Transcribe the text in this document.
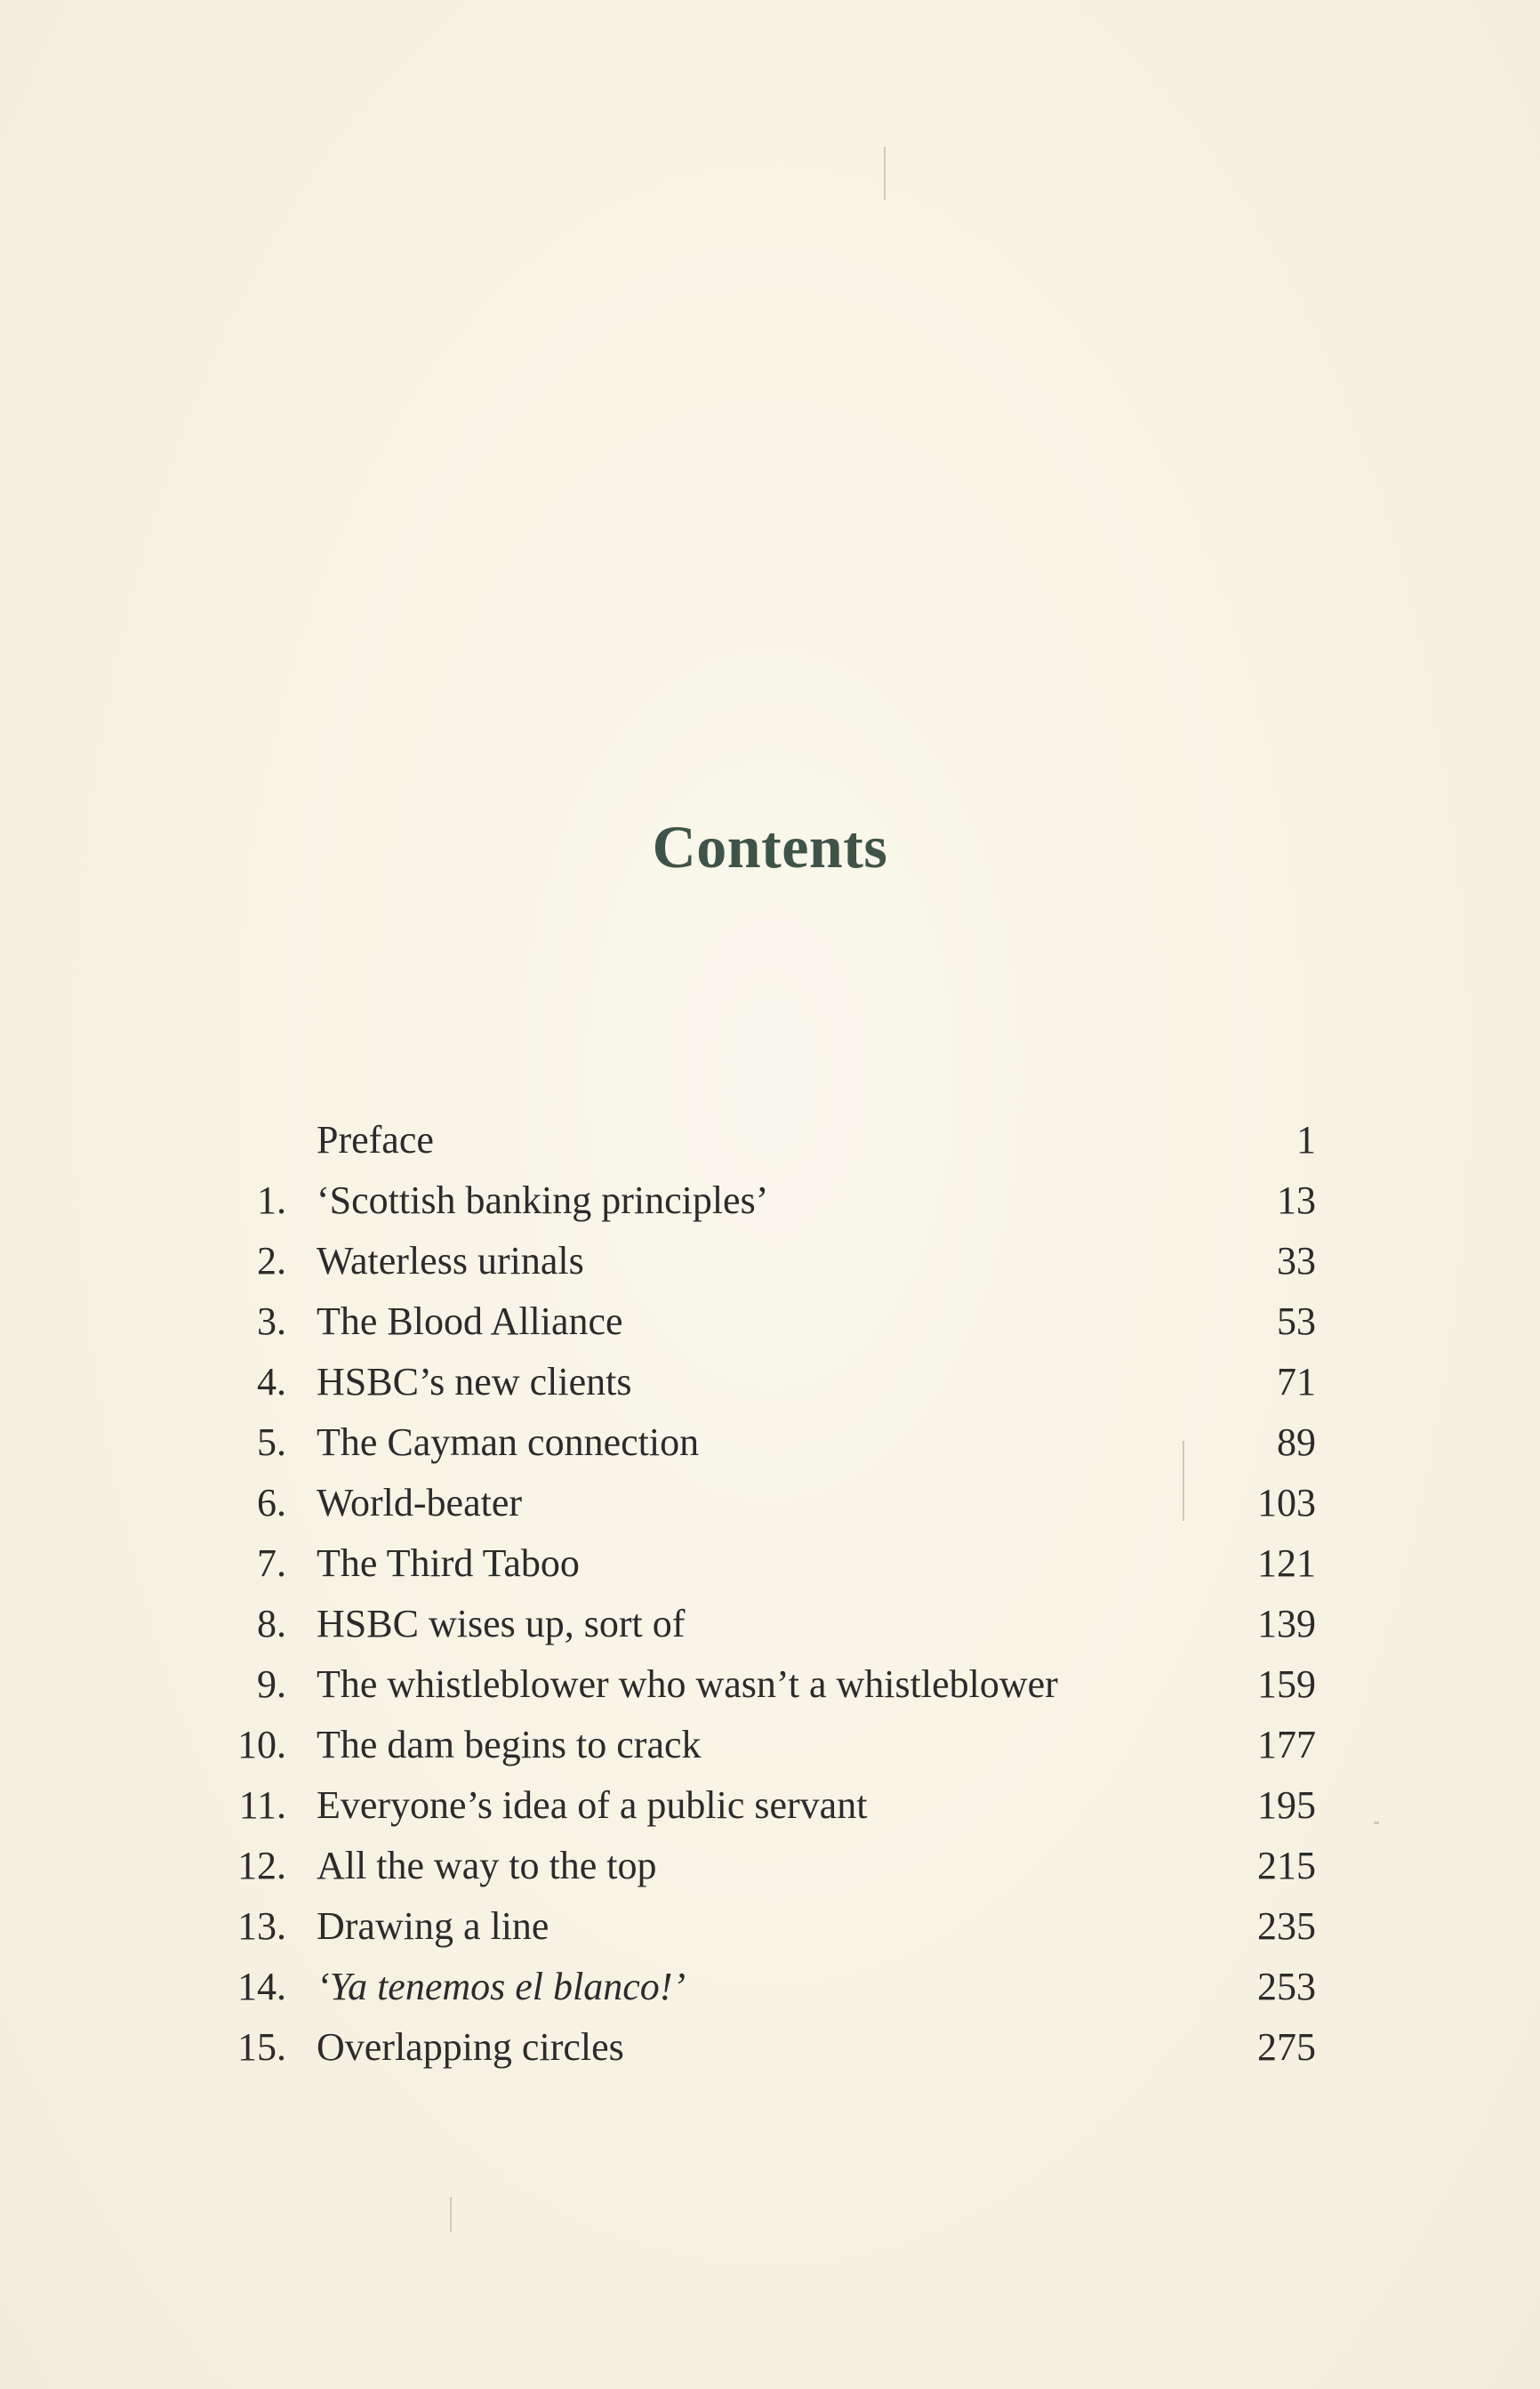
Contents
Preface	1
1. ‘Scottish banking principles’	13
2. Waterless urinals	33
3. The Blood Alliance	53
4. HSBC’s new clients	71
5. The Cayman connection	89
6. World-beater	103
7. The Third Taboo	121
8. HSBC wises up, sort of	139
9. The whistleblower who wasn’t a whistleblower	159
10. The dam begins to crack	177
11. Everyone’s idea of a public servant	195
12. All the way to the top	215
13. Drawing a line	235
14. ‘Ya tenemos el blanco!’	253
15. Overlapping circles	275
